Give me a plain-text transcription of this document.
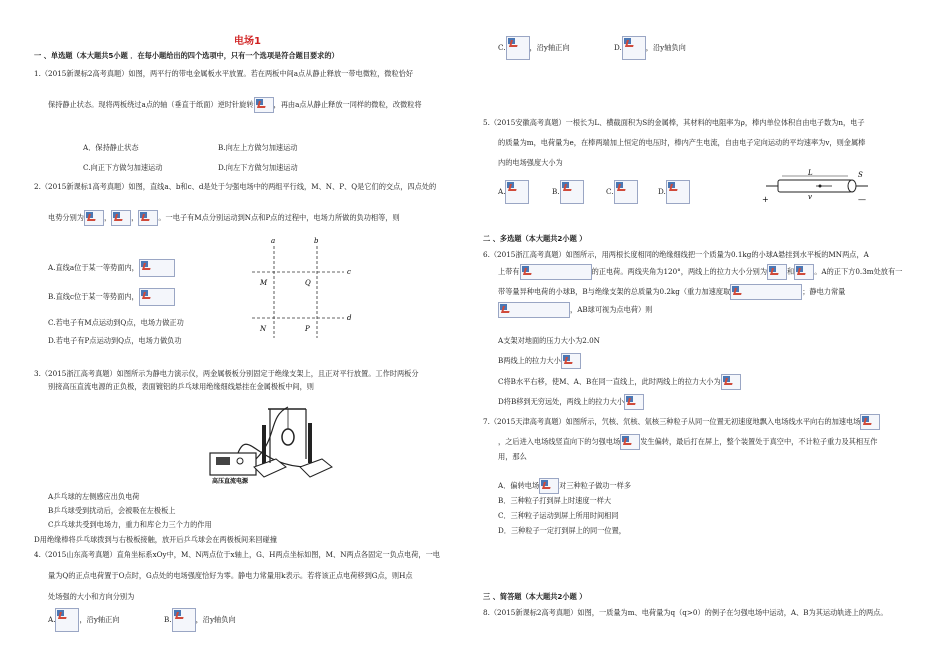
电场1
一 、单选题（本大题共5小题 ．在每小题给出的四个选项中，只有一个选项是符合题目要求的）
1.（2015新课标2高考真题）如图，两平行的带电金属板水平放置。若在两板中间a点从静止释放一带电微粒，微粒恰好
保持静止状态。现将两板绕过a点的轴（垂直于纸面）逆时针旋转	，再由a点从静止释放一同样的微粒，改微粒将
A．保持静止状态	B.向左上方做匀加速运动
C.向正下方做匀加速运动	D.向左下方做匀加速运动
2.（2015新课标1高考真题）如图，直线a、b和c、d是处于匀强电场中的两组平行线，M、N、P、Q是它们的交点，四点处的
电势分别为	，	，	。一电子有M点分别运动到N点和P点的过程中，电场力所做的负功相等，则
A.直线a位于某一等势面内，
B.直线c位于某一等势面内，
C.若电子有M点运动到Q点，电场力做正功
D.若电子有P点运动到Q点，电场力做负功
a	b
c
d
M	Q
N	P
3.（2015浙江高考真题）如图所示为静电力演示仪，两金属极板分别固定于绝缘支架上，且正对平行放置。工作时两板分
别接高压直流电源的正负极，表面镀铝的乒乓球用绝缘细线悬挂在金属极板中间，则
高压直流电源
A乒乓球的左侧感应出负电荷
B乒乓球受到扰动后，会被吸在左极板上
C乒乓球共受到电场力，重力和库仑力三个力的作用
D用绝缘棒将乒乓球拨到与右极板接触，放开后乒乓球会在两极板间来回碰撞
4.（2015山东高考真题）直角坐标系xOy中，M、N两点位于x轴上，G、H两点坐标如图，M、N两点各固定一负点电荷，一电
量为Q的正点电荷置于O点时，G点处的电场强度恰好为零。静电力常量用k表示。若将该正点电荷移到G点，则H点
处场强的大小和方向分别为
A.	，沿y轴正向	B.	，沿y轴负向
C.	，沿y轴正向	D.	，沿y轴负向
5.（2015安徽高考真题）一根长为L、横截面积为S的金属棒，其材料的电阻率为ρ，棒内单位体积自由电子数为n，电子
的质量为m，电荷量为e，在棒两端加上恒定的电压时，棒内产生电流，自由电子定向运动的平均速率为v，则金属棒
内的电场强度大小为
A.	B.	C.	D.
L	S
v
+	—
二 、多选题（本大题共2小题 ）
6.（2015浙江高考真题）如图所示，用两根长度相同的绝缘细线把一个质量为0.1kg的小球A悬挂到水平板的MN两点，A
上带有	的正电荷。两线夹角为120°，两线上的拉力大小分别为	和	。A的正下方0.3m处放有一
带等量异种电荷的小球B，B与绝缘支架的总质量为0.2kg（重力加速度取	；静电力常量
，AB球可视为点电荷）则
A支架对地面的压力大小为2.0N
B两线上的拉力大小
C将B水平右移，使M、A、B在同一直线上，此时两线上的拉力大小为
D将B移到无穷远处，两线上的拉力大小
7.（2015天津高考真题）如图所示，氕核、氘核、氚核三种粒子从同一位置无初速度地飘入电场线水平向右的加速电场
，之后进入电场线竖直向下的匀强电场	发生偏转，最后打在屏上，整个装置处于真空中，不计粒子重力及其相互作
用，那么
A．偏转电场	对三种粒子做功一样多
B．三种粒子打到屏上时速度一样大
C．三种粒子运动到屏上所用时间相同
D．三种粒子一定打到屏上的同一位置，
三 、简答题（本大题共2小题 ）
8.（2015新课标2高考真题）如图，一质量为m、电荷量为q（q>0）的例子在匀强电场中运动，A、B为其运动轨迹上的两点。
